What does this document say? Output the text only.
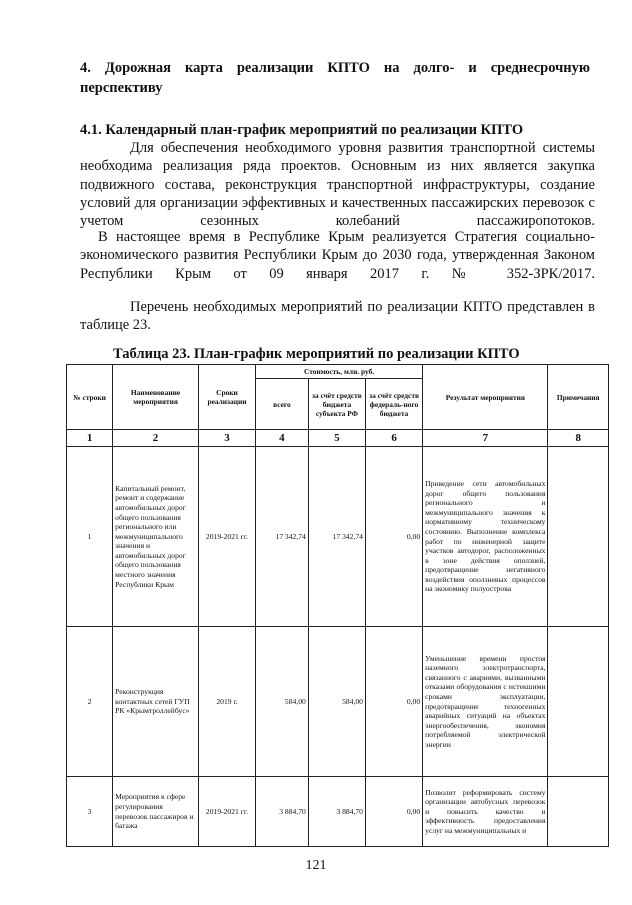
4. Дорожная карта реализации КПТО на долго- и среднесрочную перспективу
4.1. Календарный план-график мероприятий по реализации КПТО
Для обеспечения необходимого уровня развития транспортной системы необходима реализация ряда проектов. Основным из них является закупка подвижного состава, реконструкция транспортной инфраструктуры, создание условий для организации эффективных и качественных пассажирских перевозок с учетом сезонных колебаний пассажиропотоков.
В настоящее время в Республике Крым реализуется Стратегия социально-экономического развития Республики Крым до 2030 года, утвержденная Законом Республики Крым от 09 января 2017 г. № 352-ЗРК/2017.
Перечень необходимых мероприятий по реализации КПТО представлен в таблице 23.
Таблица 23. План-график мероприятий по реализации КПТО
№ строки	Наименование мероприятия	Сроки реализации	Стоимость, млн. руб.			Результат мероприятия	Примечания
			всего	за счёт средств бюджета субъекта РФ	за счёт средств федераль-ного бюджета		
1	2	3	4	5	6	7	8
1	Капитальный ремонт, ремонт и содержание автомобильных дорог общего пользования регионального или межмуниципального значения и автомобильных дорог общего пользования местного значения Республики Крым	2019-2021 гг.	17 342,74	17 342,74	0,00	Приведение сети автомобильных дорог общего пользования регионального и межмуниципального значения к нормативному техническому состоянию. Выполнение комплекса работ по инженерной защите участков автодорог, расположенных в зоне действия оползней, предотвращение негативного воздействия оползневых процессов на экономику полуострова	
2	Реконструкция контактных сетей ГУП РК «Крымтроллейбус»	2019 г.	584,00	584,00	0,00	Уменьшение времени простоя наземного электротранспорта, связанного с авариями, вызванными отказами оборудования с истекшими сроками эксплуатации, предотвращение техногенных аварийных ситуаций на объектах энергообеспечения, экономия потребляемой электрической энергии	
3	Мероприятия в сфере регулирования перевозок пассажиров и багажа	2019-2021 гг.	3 884,70	3 884,70	0,00	Позволит реформировать систему организации автобусных перевозок и повысить качество и эффективность предоставления услуг на межмуниципальных и	
121
